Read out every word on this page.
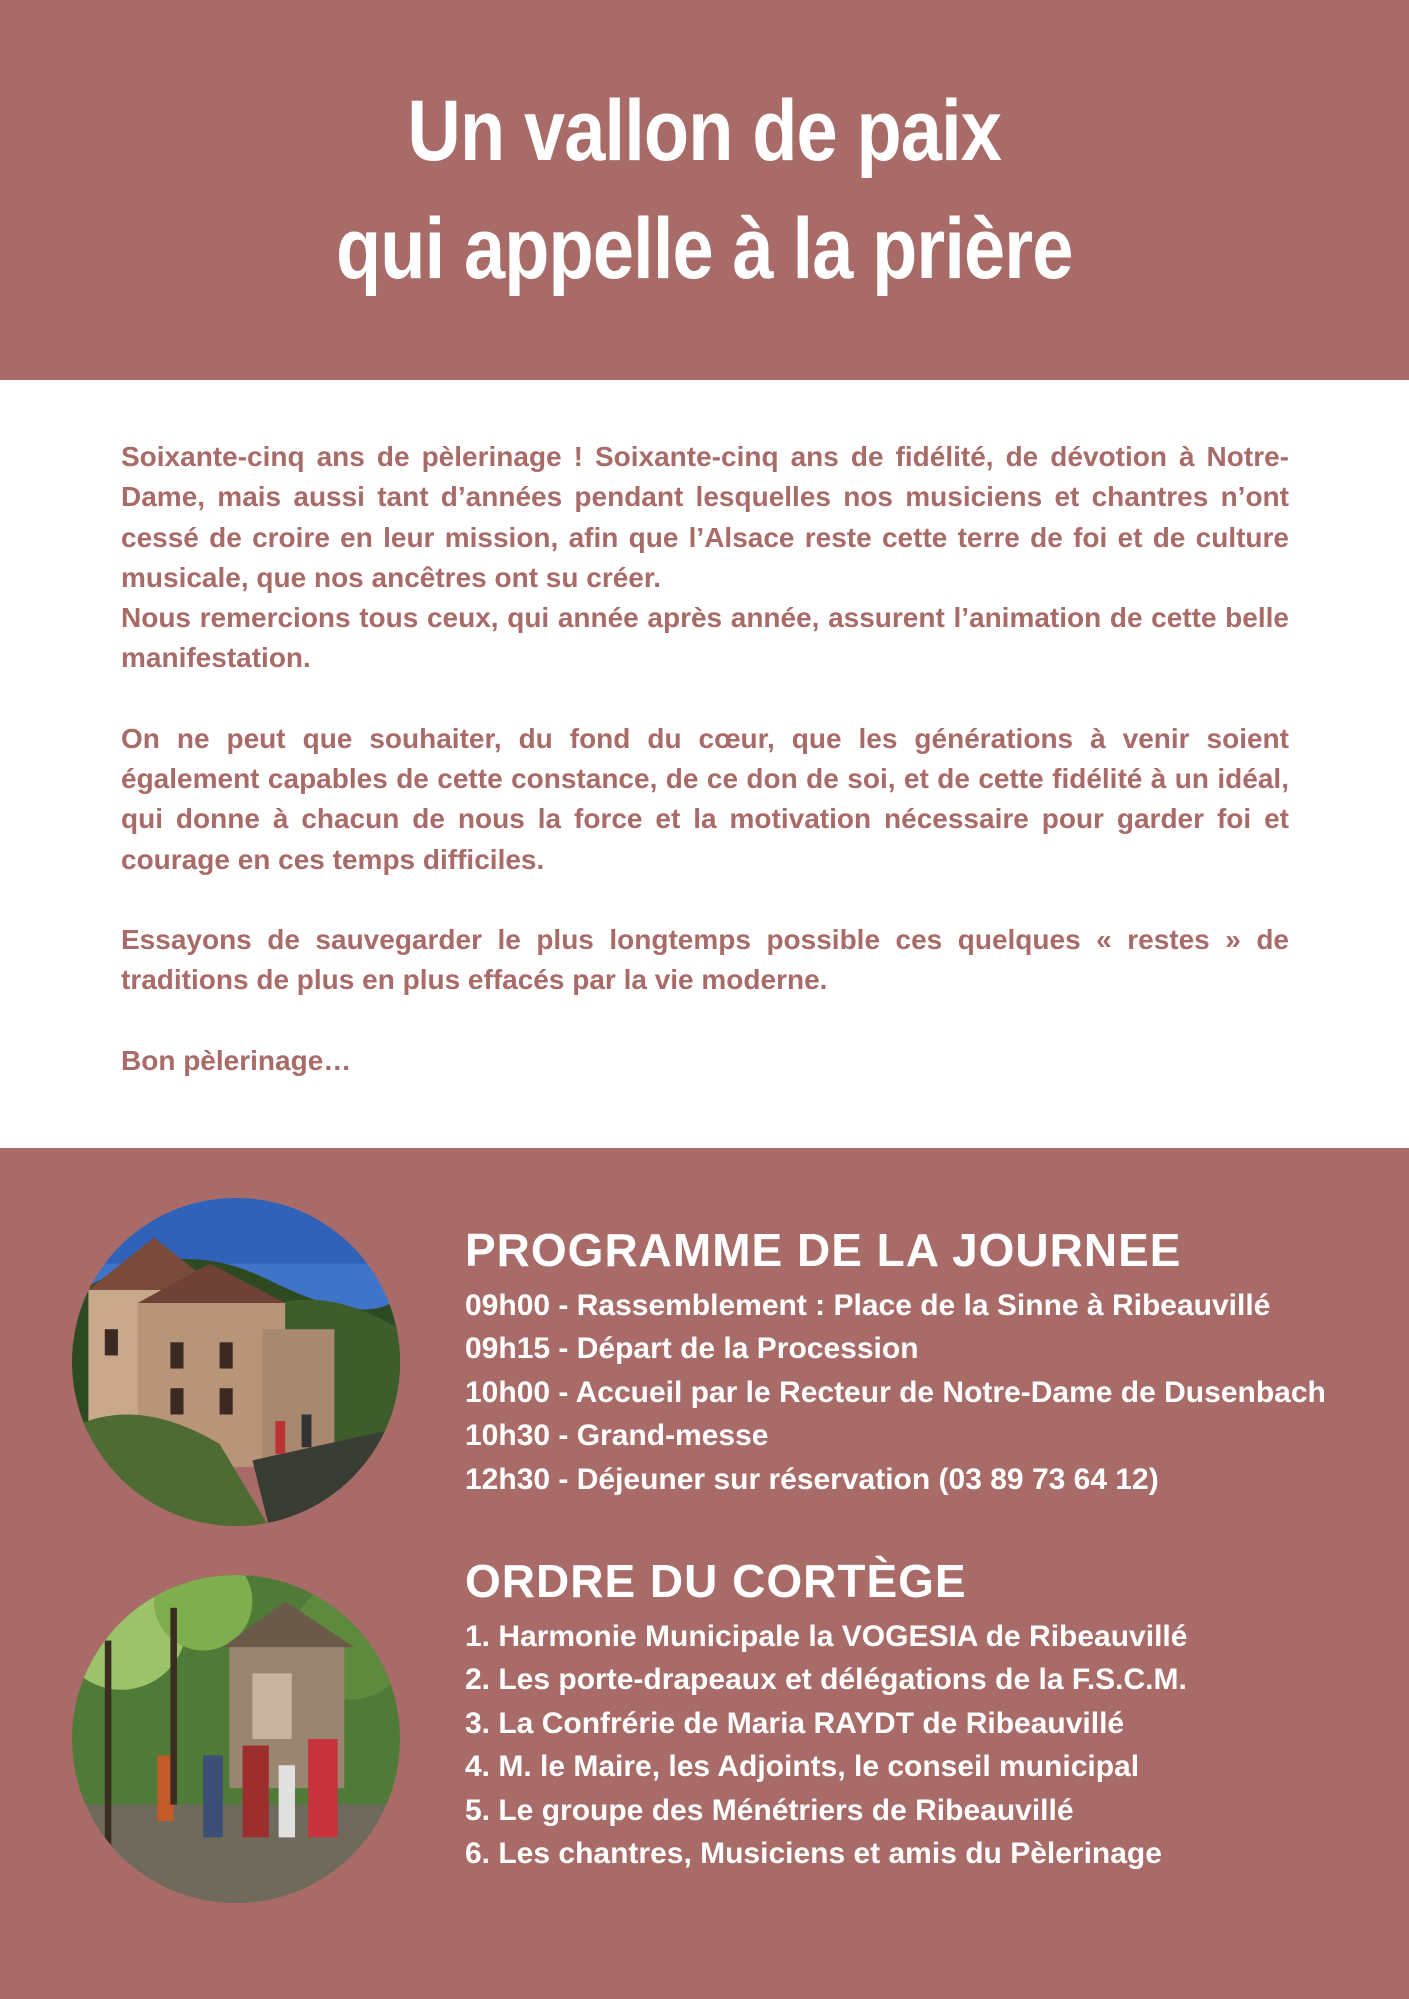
Un vallon de paix
qui appelle à la prière

Soixante-cinq ans de pèlerinage ! Soixante-cinq ans de fidélité, de dévotion à Notre-Dame, mais aussi tant d’années pendant lesquelles nos musiciens et chantres n’ont cessé de croire en leur mission, afin que l’Alsace reste cette terre de foi et de culture musicale, que nos ancêtres ont su créer.

Nous remercions tous ceux, qui année après année, assurent l’animation de cette belle manifestation.

On ne peut que souhaiter, du fond du cœur, que les générations à venir soient également capables de cette constance, de ce don de soi, et de cette fidélité à un idéal, qui donne à chacun de nous la force et la motivation nécessaire pour garder foi et courage en ces temps difficiles.

Essayons de sauvegarder le plus longtemps possible ces quelques « restes » de traditions de plus en plus effacés par la vie moderne.

Bon pèlerinage…

PROGRAMME DE LA JOURNEE
09h00 - Rassemblement : Place de la Sinne à Ribeauvillé
09h15 - Départ de la Procession
10h00 - Accueil par le Recteur de Notre-Dame de Dusenbach
10h30 - Grand-messe
12h30 - Déjeuner sur réservation (03 89 73 64 12)
ORDRE DU CORTÈGE
1. Harmonie Municipale la VOGESIA de Ribeauvillé
2. Les porte-drapeaux et délégations de la F.S.C.M.
3. La Confrérie de Maria RAYDT de Ribeauvillé
4. M. le Maire, les Adjoints, le conseil municipal
5. Le groupe des Ménétriers de Ribeauvillé
6. Les chantres, Musiciens et amis du Pèlerinage
